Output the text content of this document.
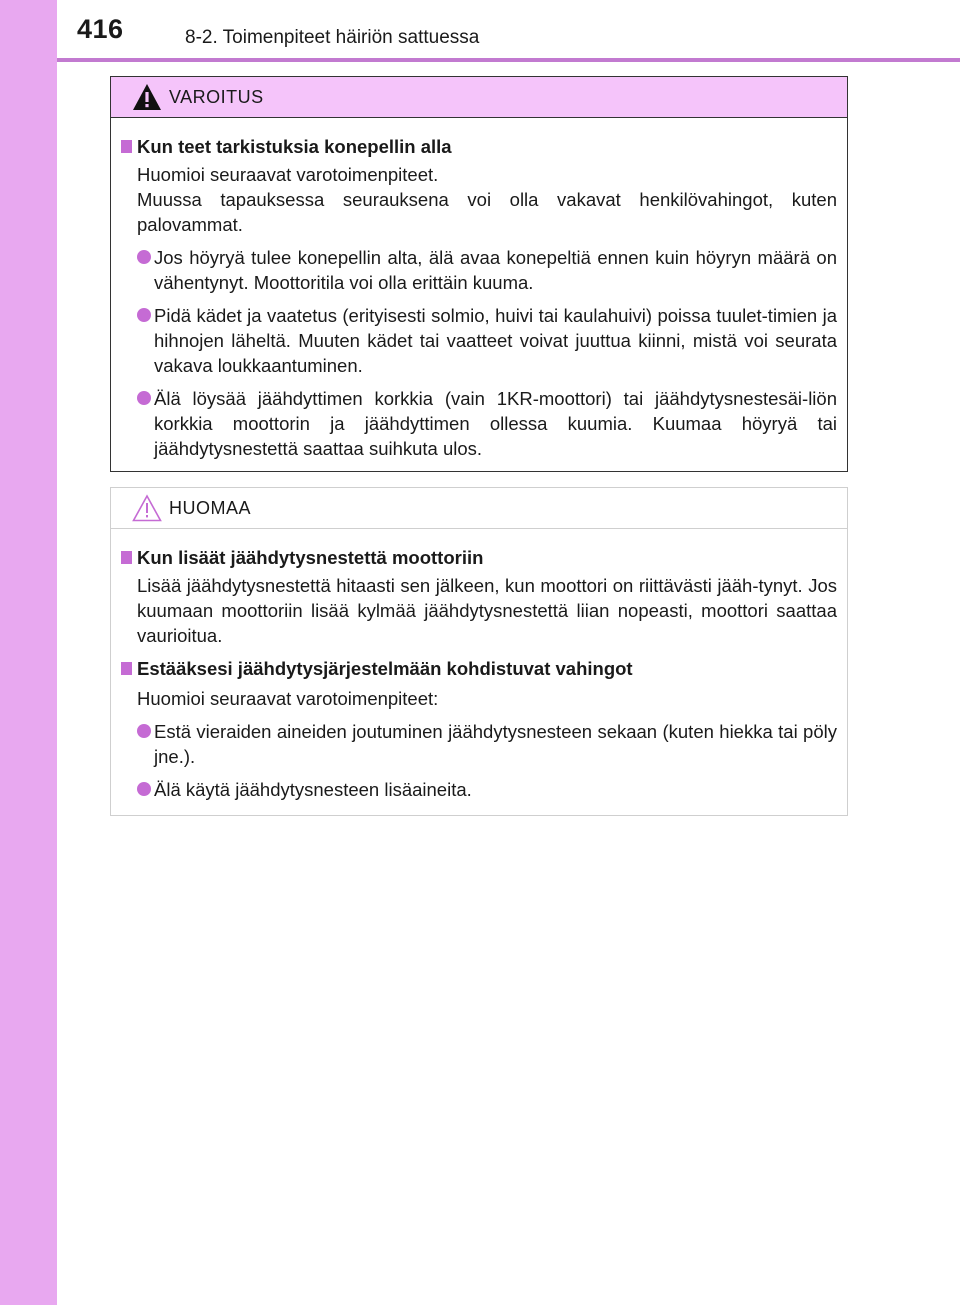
416	8-2. Toimenpiteet häiriön sattuessa
VAROITUS
Kun teet tarkistuksia konepellin alla

Huomioi seuraavat varotoimenpiteet.

Muussa tapauksessa seurauksena voi olla vakavat henkilövahingot, kuten palovammat.

Jos höyryä tulee konepellin alta, älä avaa konepeltiä ennen kuin höyryn määrä on vähentynyt. Moottoritila voi olla erittäin kuuma.
Pidä kädet ja vaatetus (erityisesti solmio, huivi tai kaulahuivi) poissa tuulet-timien ja hihnojen läheltä. Muuten kädet tai vaatteet voivat juuttua kiinni, mistä voi seurata vakava loukkaantuminen.
Älä löysää jäähdyttimen korkkia (vain 1KR-moottori) tai jäähdytysnestesäi-liön korkkia moottorin ja jäähdyttimen ollessa kuumia. Kuumaa höyryä tai jäähdytysnestettä saattaa suihkuta ulos.
HUOMAA
Kun lisäät jäähdytysnestettä moottoriin

Lisää jäähdytysnestettä hitaasti sen jälkeen, kun moottori on riittävästi jääh-tynyt. Jos kuumaan moottoriin lisää kylmää jäähdytysnestettä liian nopeasti, moottori saattaa vaurioitua.

Estääksesi jäähdytysjärjestelmään kohdistuvat vahingot

Huomioi seuraavat varotoimenpiteet:

Estä vieraiden aineiden joutuminen jäähdytysnesteen sekaan (kuten hiekka tai pöly jne.).
Älä käytä jäähdytysnesteen lisäaineita.
